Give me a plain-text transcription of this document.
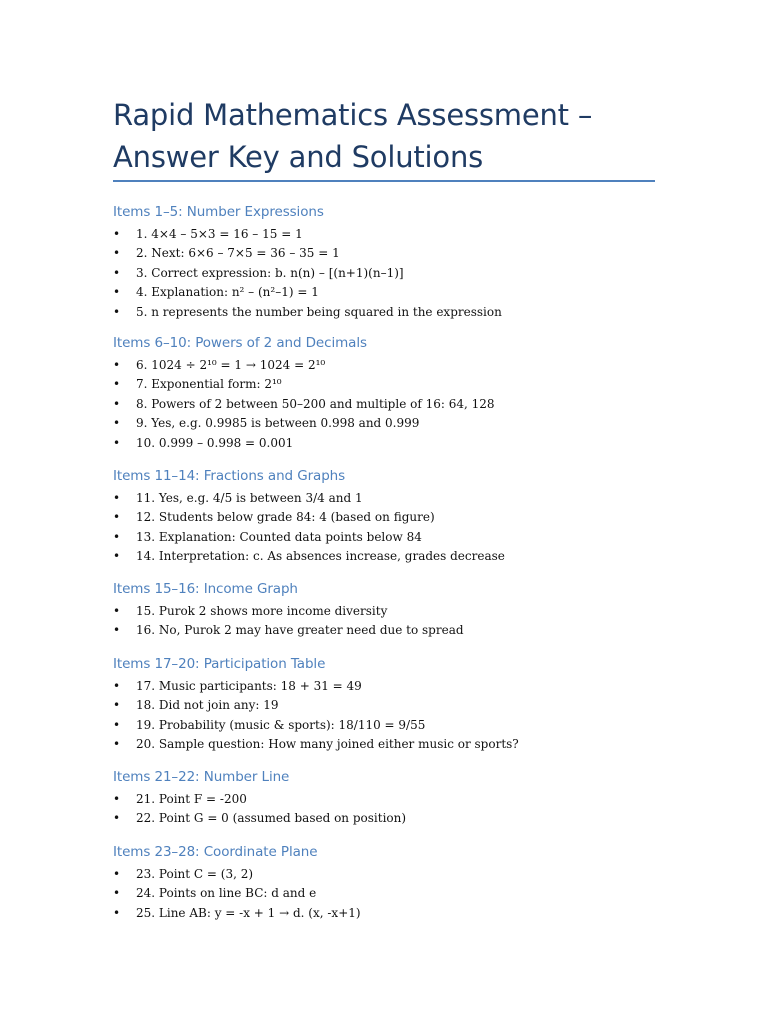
Rapid Mathematics Assessment – Answer Key and Solutions
Items 1–5: Number Expressions
• 1. 4×4 – 5×3 = 16 – 15 = 1
• 2. Next: 6×6 – 7×5 = 36 – 35 = 1
• 3. Correct expression: b. n(n) – [(n+1)(n–1)]
• 4. Explanation: n² – (n²–1) = 1
• 5. n represents the number being squared in the expression
Items 6–10: Powers of 2 and Decimals
• 6. 1024 ÷ 2¹⁰ = 1 → 1024 = 2¹⁰
• 7. Exponential form: 2¹⁰
• 8. Powers of 2 between 50–200 and multiple of 16: 64, 128
• 9. Yes, e.g. 0.9985 is between 0.998 and 0.999
• 10. 0.999 – 0.998 = 0.001
Items 11–14: Fractions and Graphs
• 11. Yes, e.g. 4/5 is between 3/4 and 1
• 12. Students below grade 84: 4 (based on figure)
• 13. Explanation: Counted data points below 84
• 14. Interpretation: c. As absences increase, grades decrease
Items 15–16: Income Graph
• 15. Purok 2 shows more income diversity
• 16. No, Purok 2 may have greater need due to spread
Items 17–20: Participation Table
• 17. Music participants: 18 + 31 = 49
• 18. Did not join any: 19
• 19. Probability (music & sports): 18/110 = 9/55
• 20. Sample question: How many joined either music or sports?
Items 21–22: Number Line
• 21. Point F = -200
• 22. Point G = 0 (assumed based on position)
Items 23–28: Coordinate Plane
• 23. Point C = (3, 2)
• 24. Points on line BC: d and e
• 25. Line AB: y = -x + 1 → d. (x, -x+1)
